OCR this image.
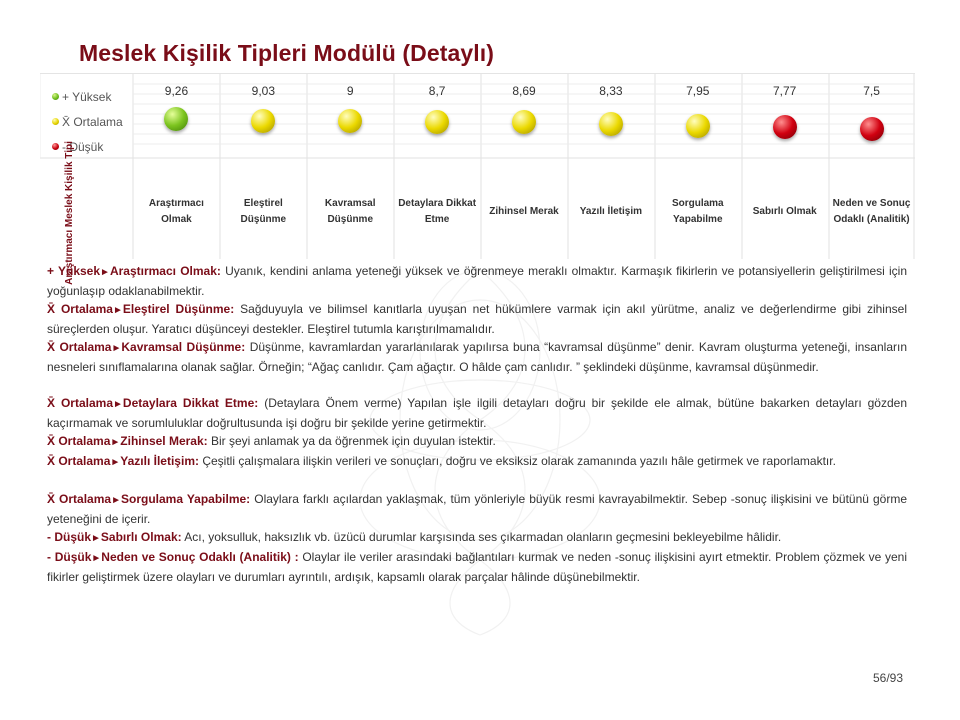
Meslek Kişilik Tipleri Modülü (Detaylı)
+ Yüksek
X̄ Ortalama
- Düşük
Araştırmacı Meslek Kişilik Tipi
9,26
Araştırmacı Olmak
9,03
Eleştirel Düşünme
9
Kavramsal Düşünme
8,7
Detaylara Dikkat Etme
8,69
Zihinsel Merak
8,33
Yazılı İletişim
7,95
Sorgulama Yapabilme
7,77
Sabırlı Olmak
7,5
Neden ve Sonuç Odaklı (Analitik)

+ Yüksek►Araştırmacı Olmak: Uyanık, kendini anlama yeteneği yüksek ve öğrenmeye meraklı olmaktır. Karmaşık fikirlerin ve potansiyellerin geliştirilmesi için yoğunlaşıp odaklanabilmektir.

X̄ Ortalama►Eleştirel Düşünme: Sağduyuyla ve bilimsel kanıtlarla uyuşan net hükümlere varmak için akıl yürütme, analiz ve değerlendirme gibi zihinsel süreçlerden oluşur. Yaratıcı düşünceyi destekler. Eleştirel tutumla karıştırılmamalıdır.

X̄ Ortalama►Kavramsal Düşünme: Düşünme, kavramlardan yararlanılarak yapılırsa buna “kavramsal düşünme” denir. Kavram oluşturma yeteneği, insanların nesneleri sınıflamalarına olanak sağlar. Örneğin; “Ağaç canlıdır. Çam ağaçtır. O hâlde çam canlıdır. ” şeklindeki düşünme, kavramsal düşünmedir.

X̄ Ortalama►Detaylara Dikkat Etme: (Detaylara Önem verme) Yapılan işle ilgili detayları doğru bir şekilde ele almak, bütüne bakarken detayları gözden kaçırmamak ve sorumluluklar doğrultusunda işi doğru bir şekilde yerine getirmektir.

X̄ Ortalama►Zihinsel Merak: Bir şeyi anlamak ya da öğrenmek için duyulan istektir.

X̄ Ortalama►Yazılı İletişim: Çeşitli çalışmalara ilişkin verileri ve sonuçları, doğru ve eksiksiz olarak zamanında yazılı hâle getirmek ve raporlamaktır.

X̄ Ortalama►Sorgulama Yapabilme: Olaylara farklı açılardan yaklaşmak, tüm yönleriyle büyük resmi kavrayabilmektir. Sebep -sonuç ilişkisini ve bütünü görme yeteneğini de içerir.

- Düşük►Sabırlı Olmak: Acı, yoksulluk, haksızlık vb. üzücü durumlar karşısında ses çıkarmadan olanların geçmesini bekleyebilme hâlidir.

- Düşük►Neden ve Sonuç Odaklı (Analitik) : Olaylar ile veriler arasındaki bağlantıları kurmak ve neden -sonuç ilişkisini ayırt etmektir. Problem çözmek ve yeni fikirler geliştirmek üzere olayları ve durumları ayrıntılı, ardışık, kapsamlı olarak parçalar hâlinde düşünebilmektir.

56/93
